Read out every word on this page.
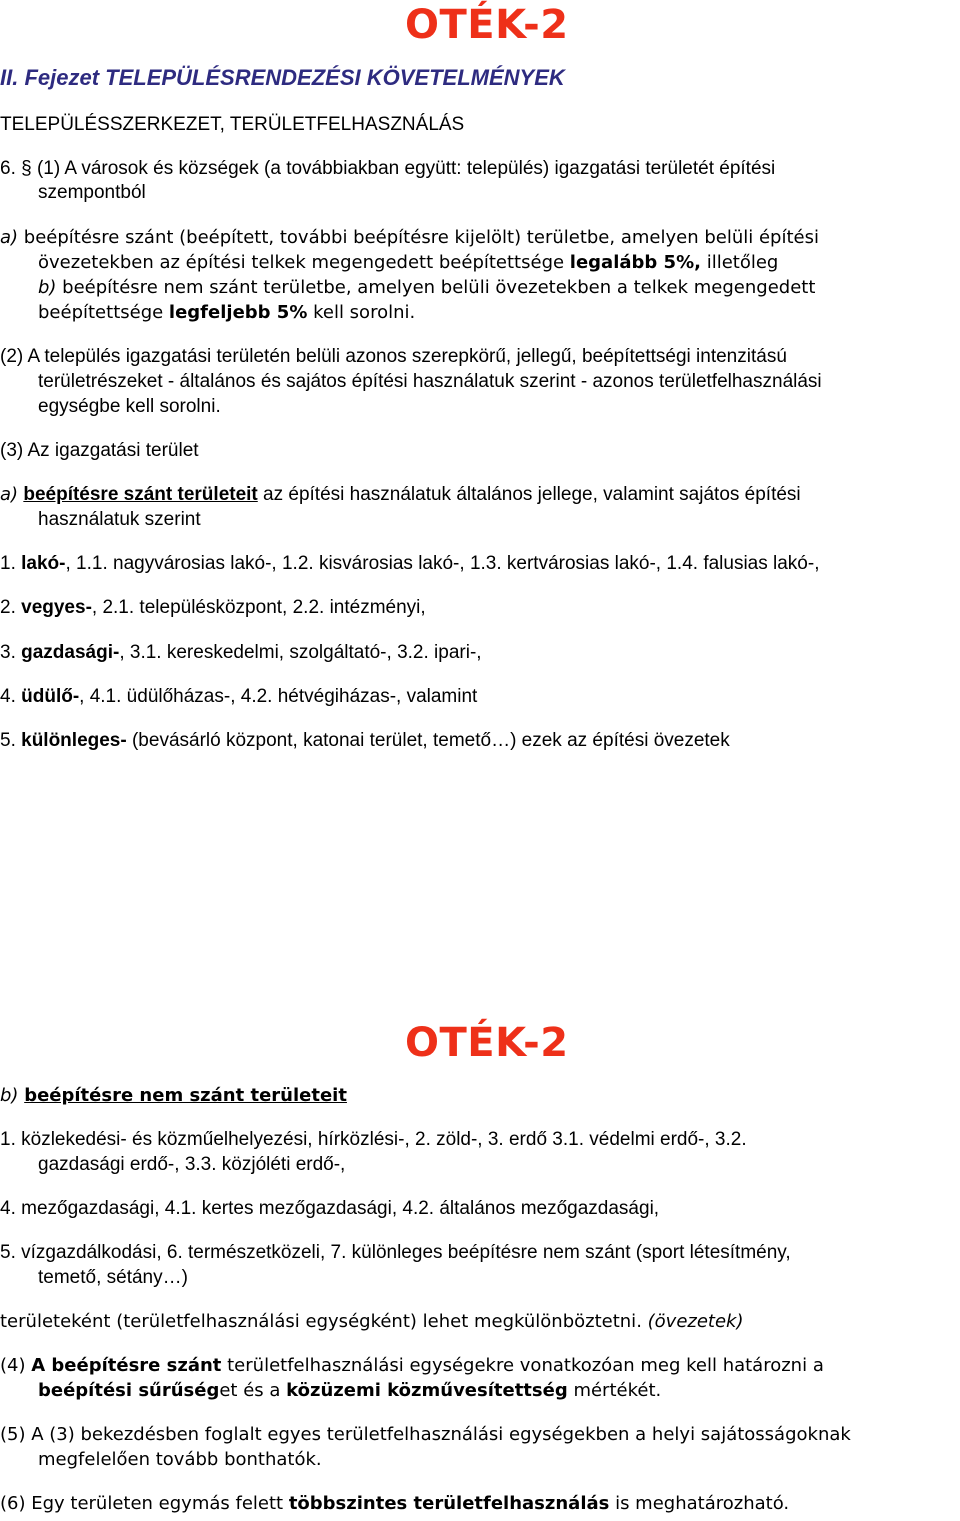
OTÉK-2
II. Fejezet TELEPÜLÉSRENDEZÉSI KÖVETELMÉNYEK
TELEPÜLÉSSZERKEZET, TERÜLETFELHASZNÁLÁS
6. § (1) A városok és községek (a továbbiakban együtt: település) igazgatási területét építési
szempontból
a) beépítésre szánt (beépített, további beépítésre kijelölt) területbe, amelyen belüli építési
övezetekben az építési telkek megengedett beépítettsége legalább 5%, illetőleg
b) beépítésre nem szánt területbe, amelyen belüli övezetekben a telkek megengedett
beépítettsége legfeljebb 5% kell sorolni.
(2) A település igazgatási területén belüli azonos szerepkörű, jellegű, beépítettségi intenzitású
területrészeket - általános és sajátos építési használatuk szerint - azonos területfelhasználási
egységbe kell sorolni.
(3) Az igazgatási terület
a) beépítésre szánt területeit az építési használatuk általános jellege, valamint sajátos építési
használatuk szerint
1. lakó-, 1.1. nagyvárosias lakó-, 1.2. kisvárosias lakó-, 1.3. kertvárosias lakó-, 1.4. falusias lakó-,
2. vegyes-, 2.1. településközpont, 2.2. intézményi,
3. gazdasági-, 3.1. kereskedelmi, szolgáltató-, 3.2. ipari-,
4. üdülő-, 4.1. üdülőházas-, 4.2. hétvégiházas-, valamint
5. különleges- (bevásárló központ, katonai terület, temető…) ezek az építési övezetek
OTÉK-2
b) beépítésre nem szánt területeit
1. közlekedési- és közműelhelyezési, hírközlési-, 2. zöld-, 3. erdő 3.1. védelmi erdő-, 3.2.
gazdasági erdő-, 3.3. közjóléti erdő-,
4. mezőgazdasági, 4.1. kertes mezőgazdasági, 4.2. általános mezőgazdasági,
5. vízgazdálkodási, 6. természetközeli, 7. különleges beépítésre nem szánt (sport létesítmény,
temető, sétány…)
területeként (területfelhasználási egységként) lehet megkülönböztetni. (övezetek)
(4) A beépítésre szánt területfelhasználási egységekre vonatkozóan meg kell határozni a
beépítési sűrűséget és a közüzemi közművesítettség mértékét.
(5) A (3) bekezdésben foglalt egyes területfelhasználási egységekben a helyi sajátosságoknak
megfelelően tovább bonthatók.
(6) Egy területen egymás felett többszintes területfelhasználás is meghatározható.
